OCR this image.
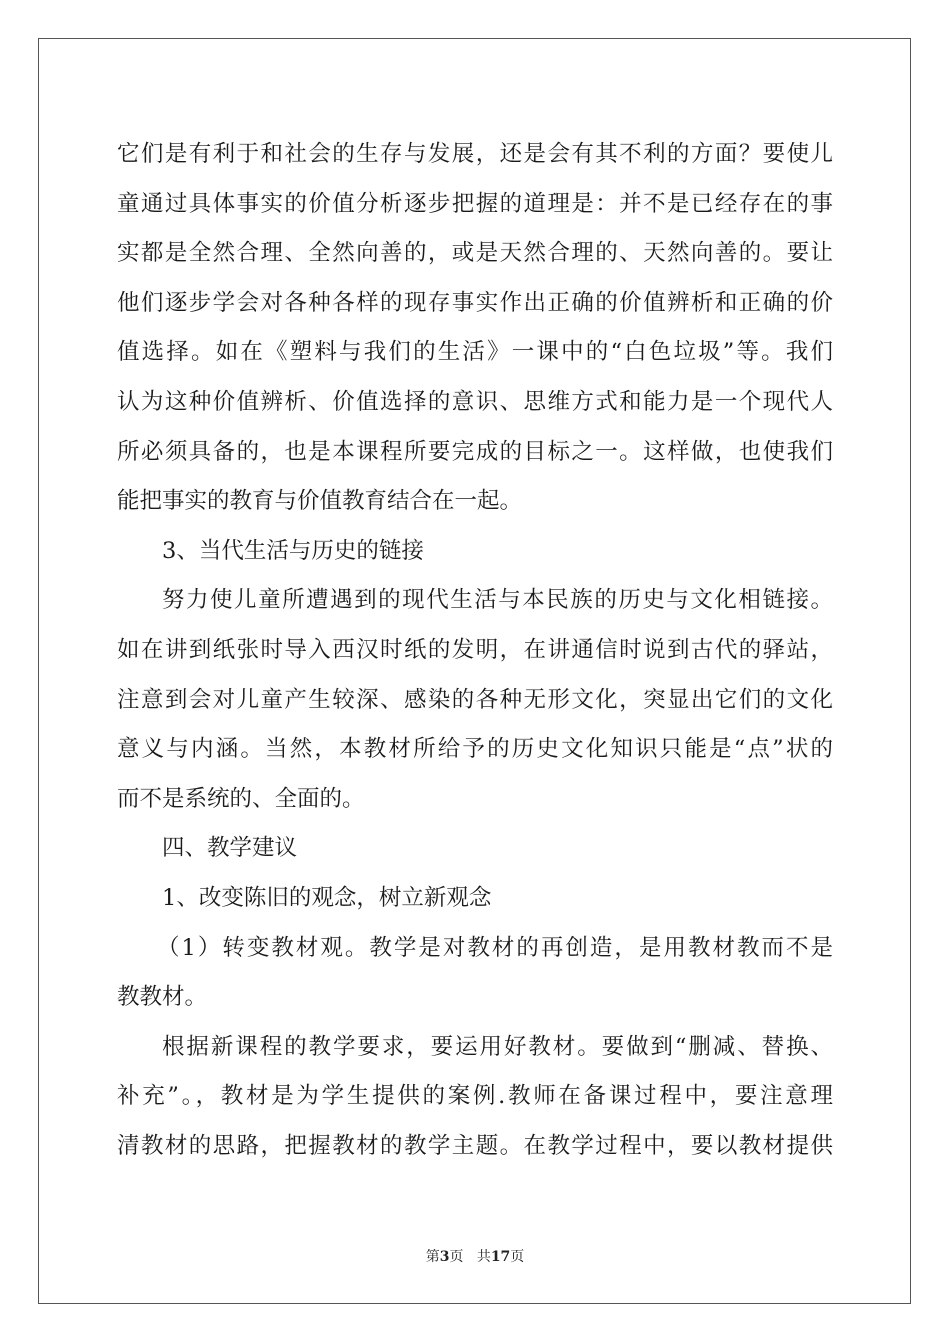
它们是有利于和社会的生存与发展，还是会有其不利的方面？要使儿
童通过具体事实的价值分析逐步把握的道理是：并不是已经存在的事
实都是全然合理、全然向善的，或是天然合理的、天然向善的。要让
他们逐步学会对各种各样的现存事实作出正确的价值辨析和正确的价
值选择。如在《塑料与我们的生活》一课中的“白色垃圾”等。我们
认为这种价值辨析、价值选择的意识、思维方式和能力是一个现代人
所必须具备的，也是本课程所要完成的目标之一。这样做，也使我们
能把事实的教育与价值教育结合在一起。
3、当代生活与历史的链接
努力使儿童所遭遇到的现代生活与本民族的历史与文化相链接。
如在讲到纸张时导入西汉时纸的发明，在讲通信时说到古代的驿站，
注意到会对儿童产生较深、感染的各种无形文化，突显出它们的文化
意义与内涵。当然，本教材所给予的历史文化知识只能是“点”状的
而不是系统的、全面的。
四、教学建议
1、改变陈旧的观念，树立新观念
（1）转变教材观。教学是对教材的再创造，是用教材教而不是
教教材。
根据新课程的教学要求，要运用好教材。要做到“删减、替换、
补充”。，教材是为学生提供的案例.教师在备课过程中，要注意理
清教材的思路，把握教材的教学主题。在教学过程中，要以教材提供
第3页 共17页
